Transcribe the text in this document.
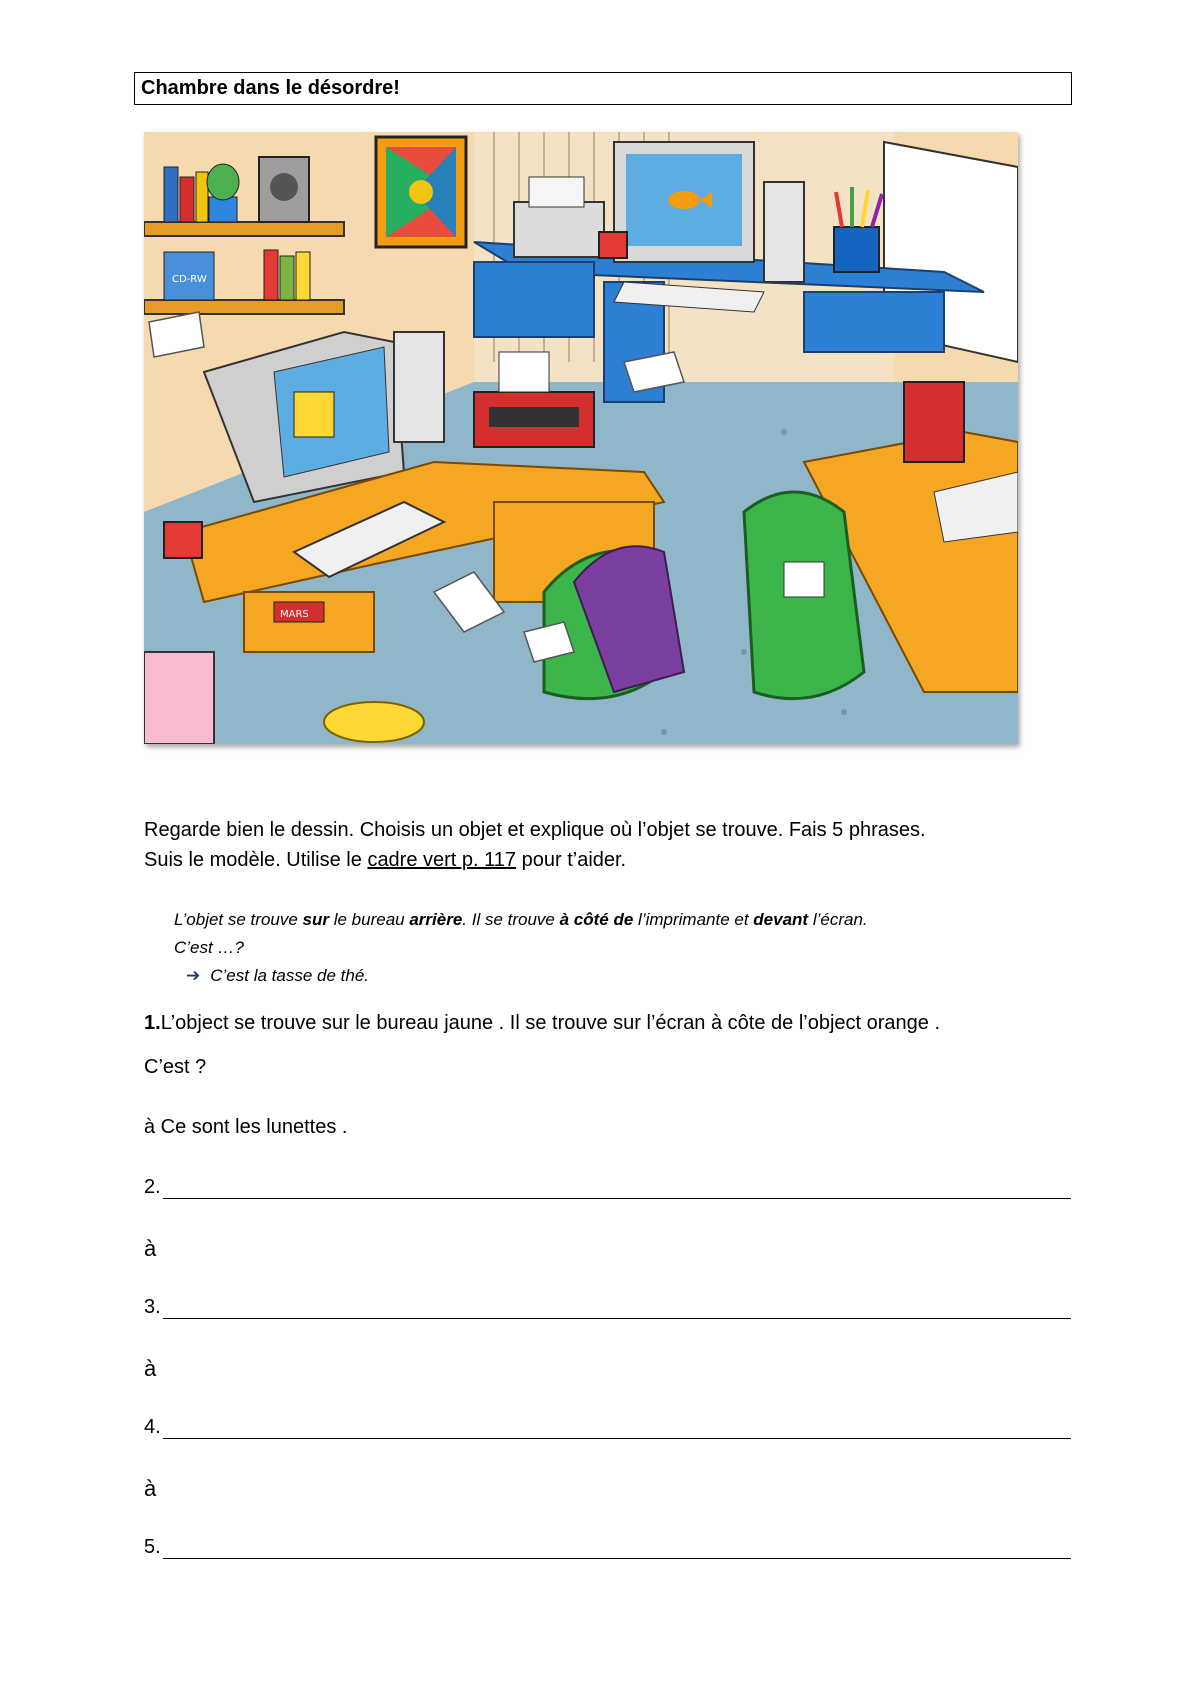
Chambre dans le désordre!
CD-RW
MARS
Regarde bien le dessin. Choisis un objet et explique où l’objet se trouve. Fais 5 phrases.
Suis le modèle. Utilise le cadre vert p. 117 pour t’aider.
L’objet se trouve sur le bureau arrière. Il se trouve à côté de l’imprimante et devant l’écran.
C’est …?
➔ C’est la tasse de thé.
1.L’object se trouve sur le bureau jaune . Il se trouve sur l’écran à côte de l’object orange .
C’est ?
à Ce sont les lunettes .
2.
à
3.
à
4.
à
5.
